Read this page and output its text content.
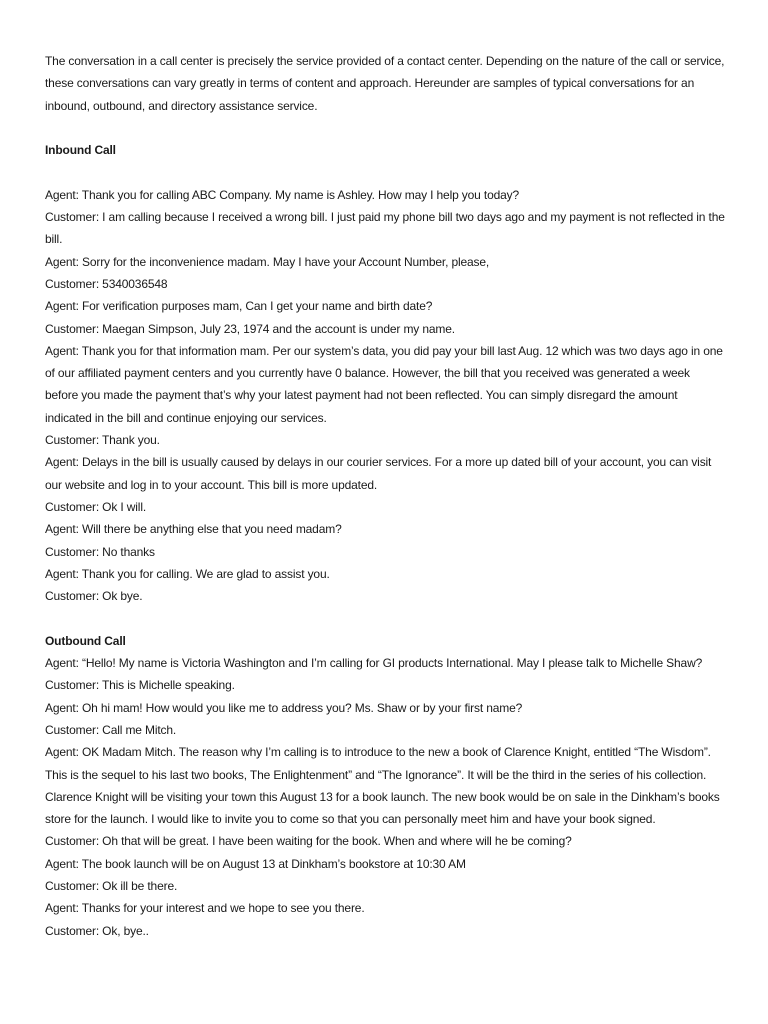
The conversation in a call center is precisely the service provided of a contact center. Depending on the nature of the call or service, these conversations can vary greatly in terms of content and approach. Hereunder are samples of typical conversations for an inbound, outbound, and directory assistance service.

Inbound Call

Agent: Thank you for calling ABC Company. My name is Ashley. How may I help you today?

Customer: I am calling because I received a wrong bill. I just paid my phone bill two days ago and my payment is not reflected in the bill.

Agent: Sorry for the inconvenience madam. May I have your Account Number, please,

Customer: 5340036548

Agent: For verification purposes mam, Can I get your name and birth date?

Customer: Maegan Simpson, July 23, 1974 and the account is under my name.

Agent: Thank you for that information mam. Per our system’s data, you did pay your bill last Aug. 12 which was two days ago in one of our affiliated payment centers and you currently have 0 balance. However, the bill that you received was generated a week before you made the payment that’s why your latest payment had not been reflected. You can simply disregard the amount indicated in the bill and continue enjoying our services.

Customer: Thank you.

Agent: Delays in the bill is usually caused by delays in our courier services. For a more up dated bill of your account, you can visit our website and log in to your account. This bill is more updated.

Customer: Ok I will.

Agent: Will there be anything else that you need madam?

Customer: No thanks

Agent: Thank you for calling. We are glad to assist you.

Customer: Ok bye.

Outbound Call

Agent: “Hello! My name is Victoria Washington and I’m calling for GI products International. May I please talk to Michelle Shaw?

Customer: This is Michelle speaking.

Agent: Oh hi mam! How would you like me to address you? Ms. Shaw or by your first name?

Customer: Call me Mitch.

Agent: OK Madam Mitch. The reason why I’m calling is to introduce to the new a book of Clarence Knight, entitled “The Wisdom”. This is the sequel to his last two books, The Enlightenment” and “The Ignorance”. It will be the third in the series of his collection. Clarence Knight will be visiting your town this August 13 for a book launch. The new book would be on sale in the Dinkham’s books store for the launch. I would like to invite you to come so that you can personally meet him and have your book signed.

Customer: Oh that will be great. I have been waiting for the book. When and where will he be coming?

Agent: The book launch will be on August 13 at Dinkham’s bookstore at 10:30 AM

Customer: Ok ill be there.

Agent: Thanks for your interest and we hope to see you there.

Customer: Ok, bye..
